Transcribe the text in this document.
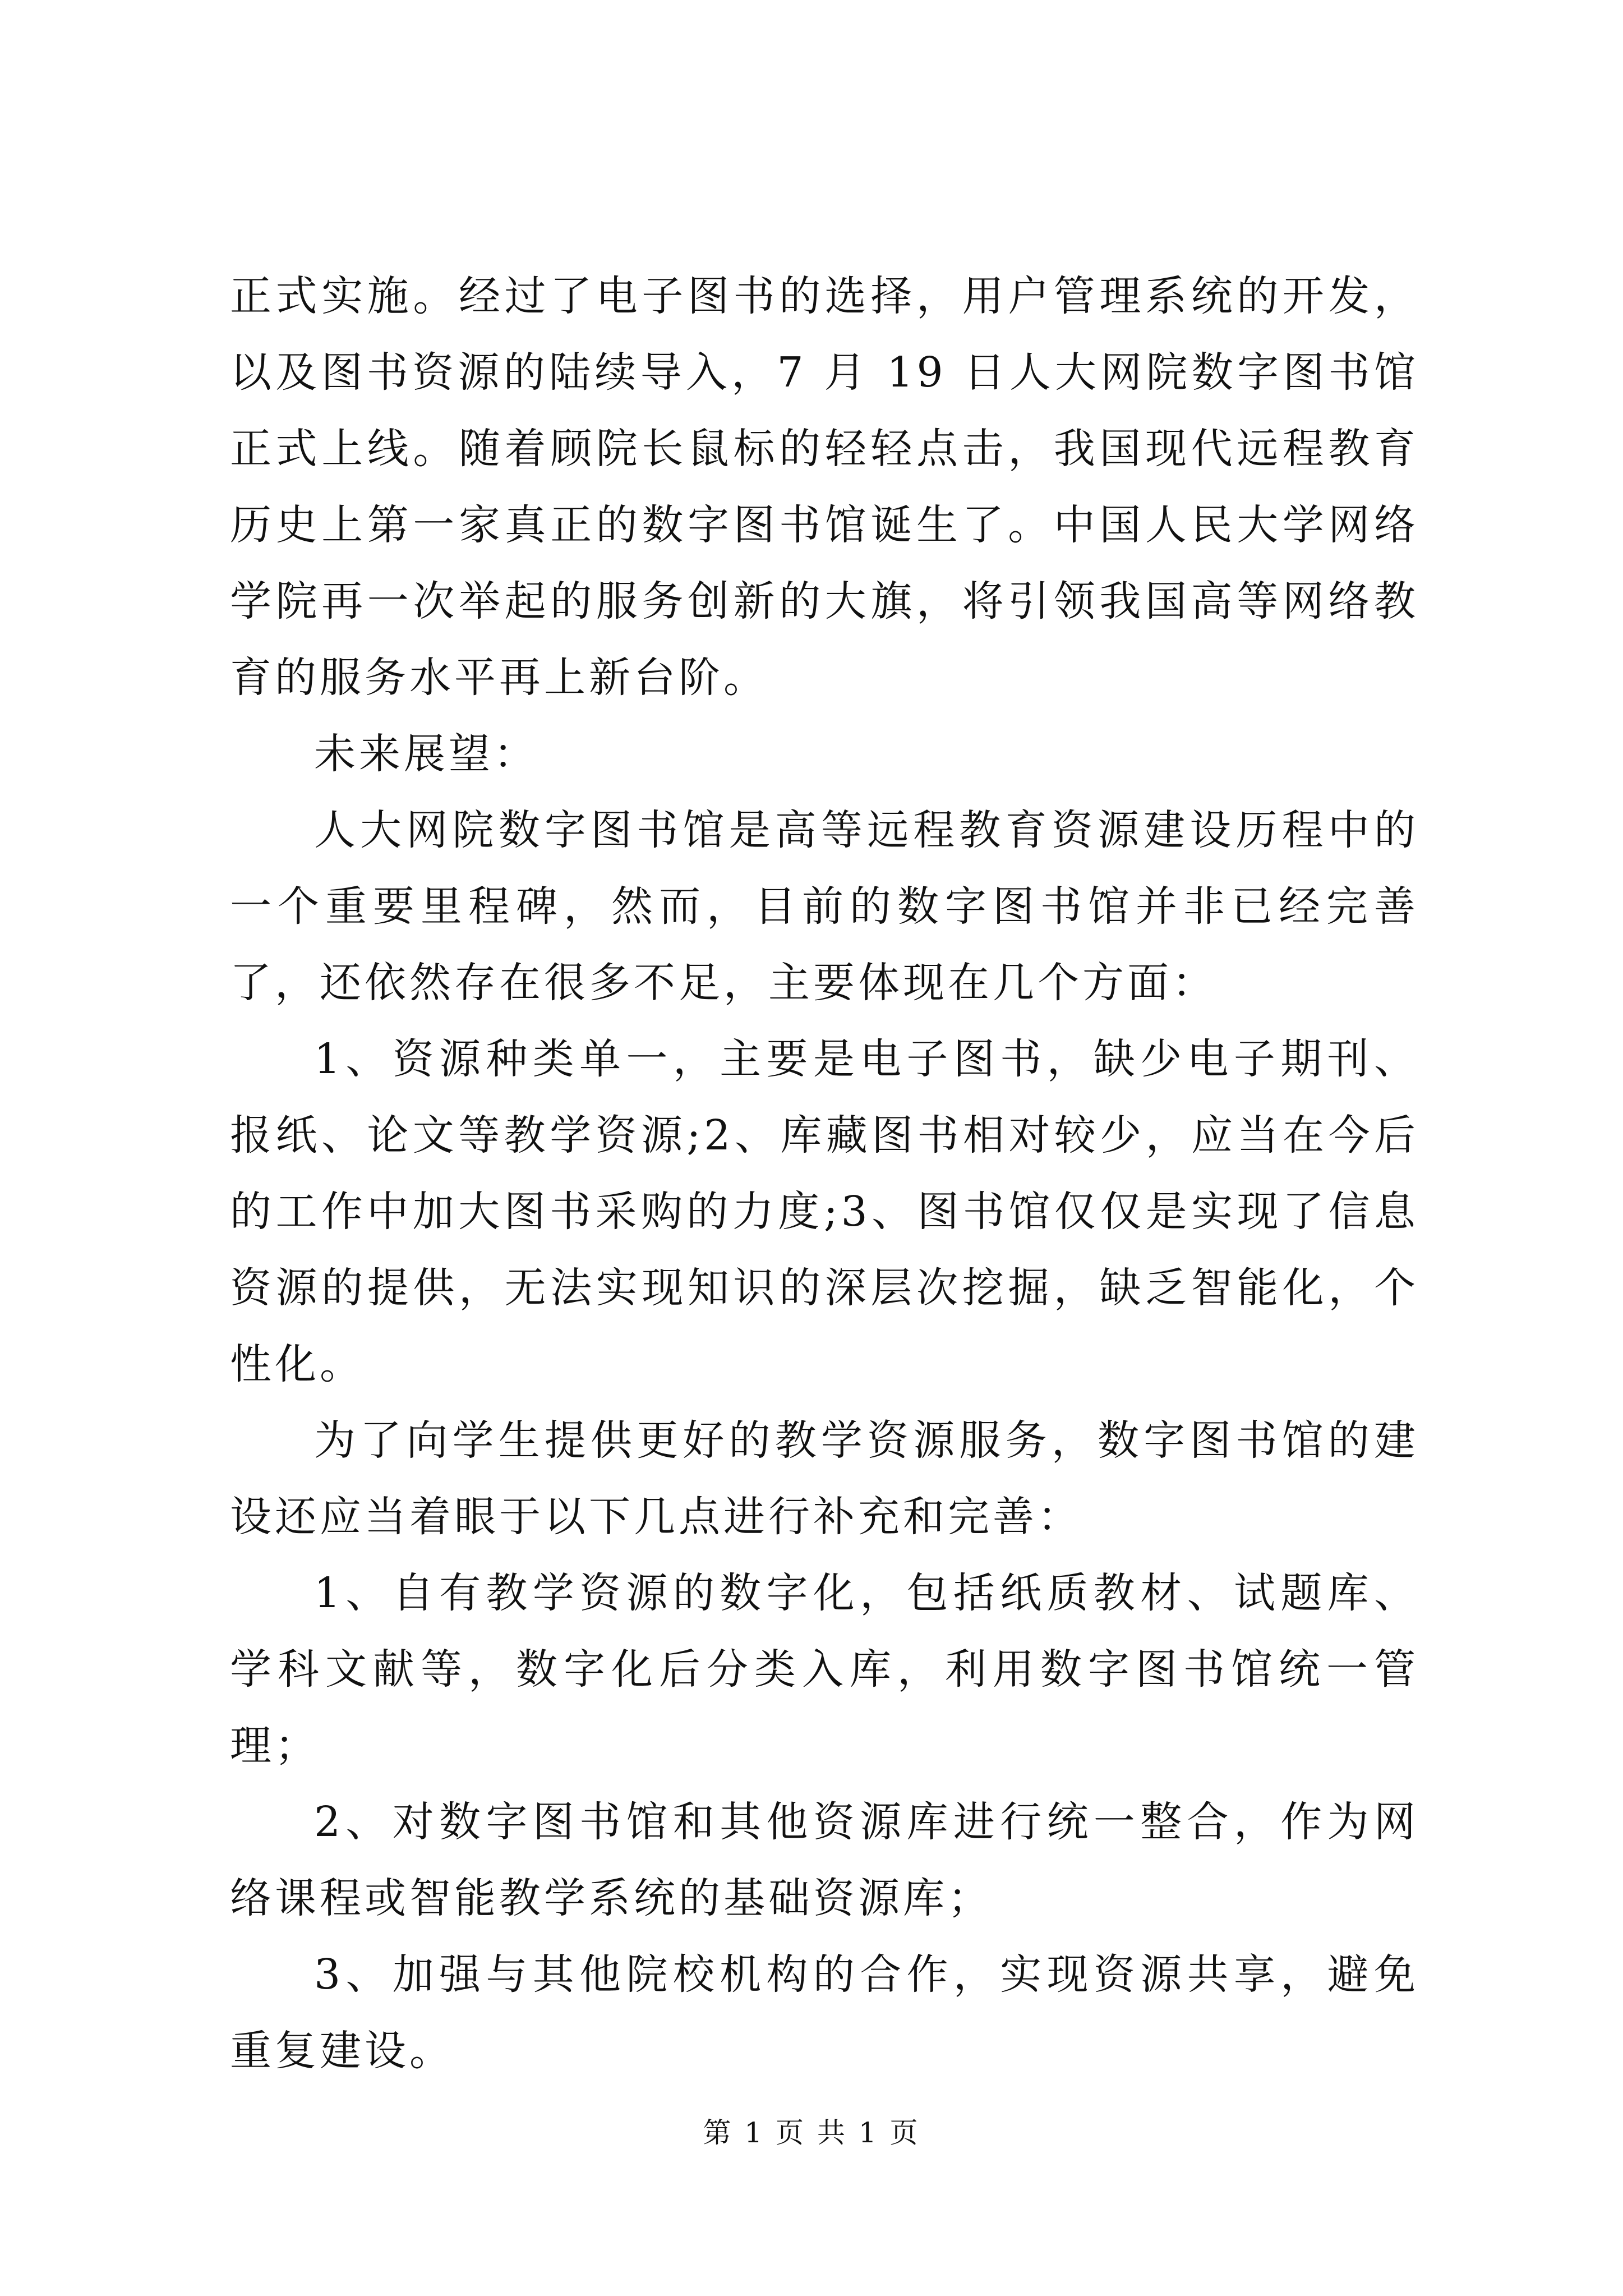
正式实施。经过了电子图书的选择，用户管理系统的开发，以及图书资源的陆续导入，7 月 19 日人大网院数字图书馆正式上线。随着顾院长鼠标的轻轻点击，我国现代远程教育历史上第一家真正的数字图书馆诞生了。中国人民大学网络学院再一次举起的服务创新的大旗，将引领我国高等网络教育的服务水平再上新台阶。

未来展望：

人大网院数字图书馆是高等远程教育资源建设历程中的一个重要里程碑，然而，目前的数字图书馆并非已经完善了，还依然存在很多不足，主要体现在几个方面：

1、资源种类单一，主要是电子图书，缺少电子期刊、报纸、论文等教学资源;2、库藏图书相对较少，应当在今后的工作中加大图书采购的力度;3、图书馆仅仅是实现了信息资源的提供，无法实现知识的深层次挖掘，缺乏智能化，个性化。

为了向学生提供更好的教学资源服务，数字图书馆的建设还应当着眼于以下几点进行补充和完善：

1、自有教学资源的数字化，包括纸质教材、试题库、学科文献等，数字化后分类入库，利用数字图书馆统一管理；

2、对数字图书馆和其他资源库进行统一整合，作为网络课程或智能教学系统的基础资源库；

3、加强与其他院校机构的合作，实现资源共享，避免重复建设。

第 1 页 共 1 页
